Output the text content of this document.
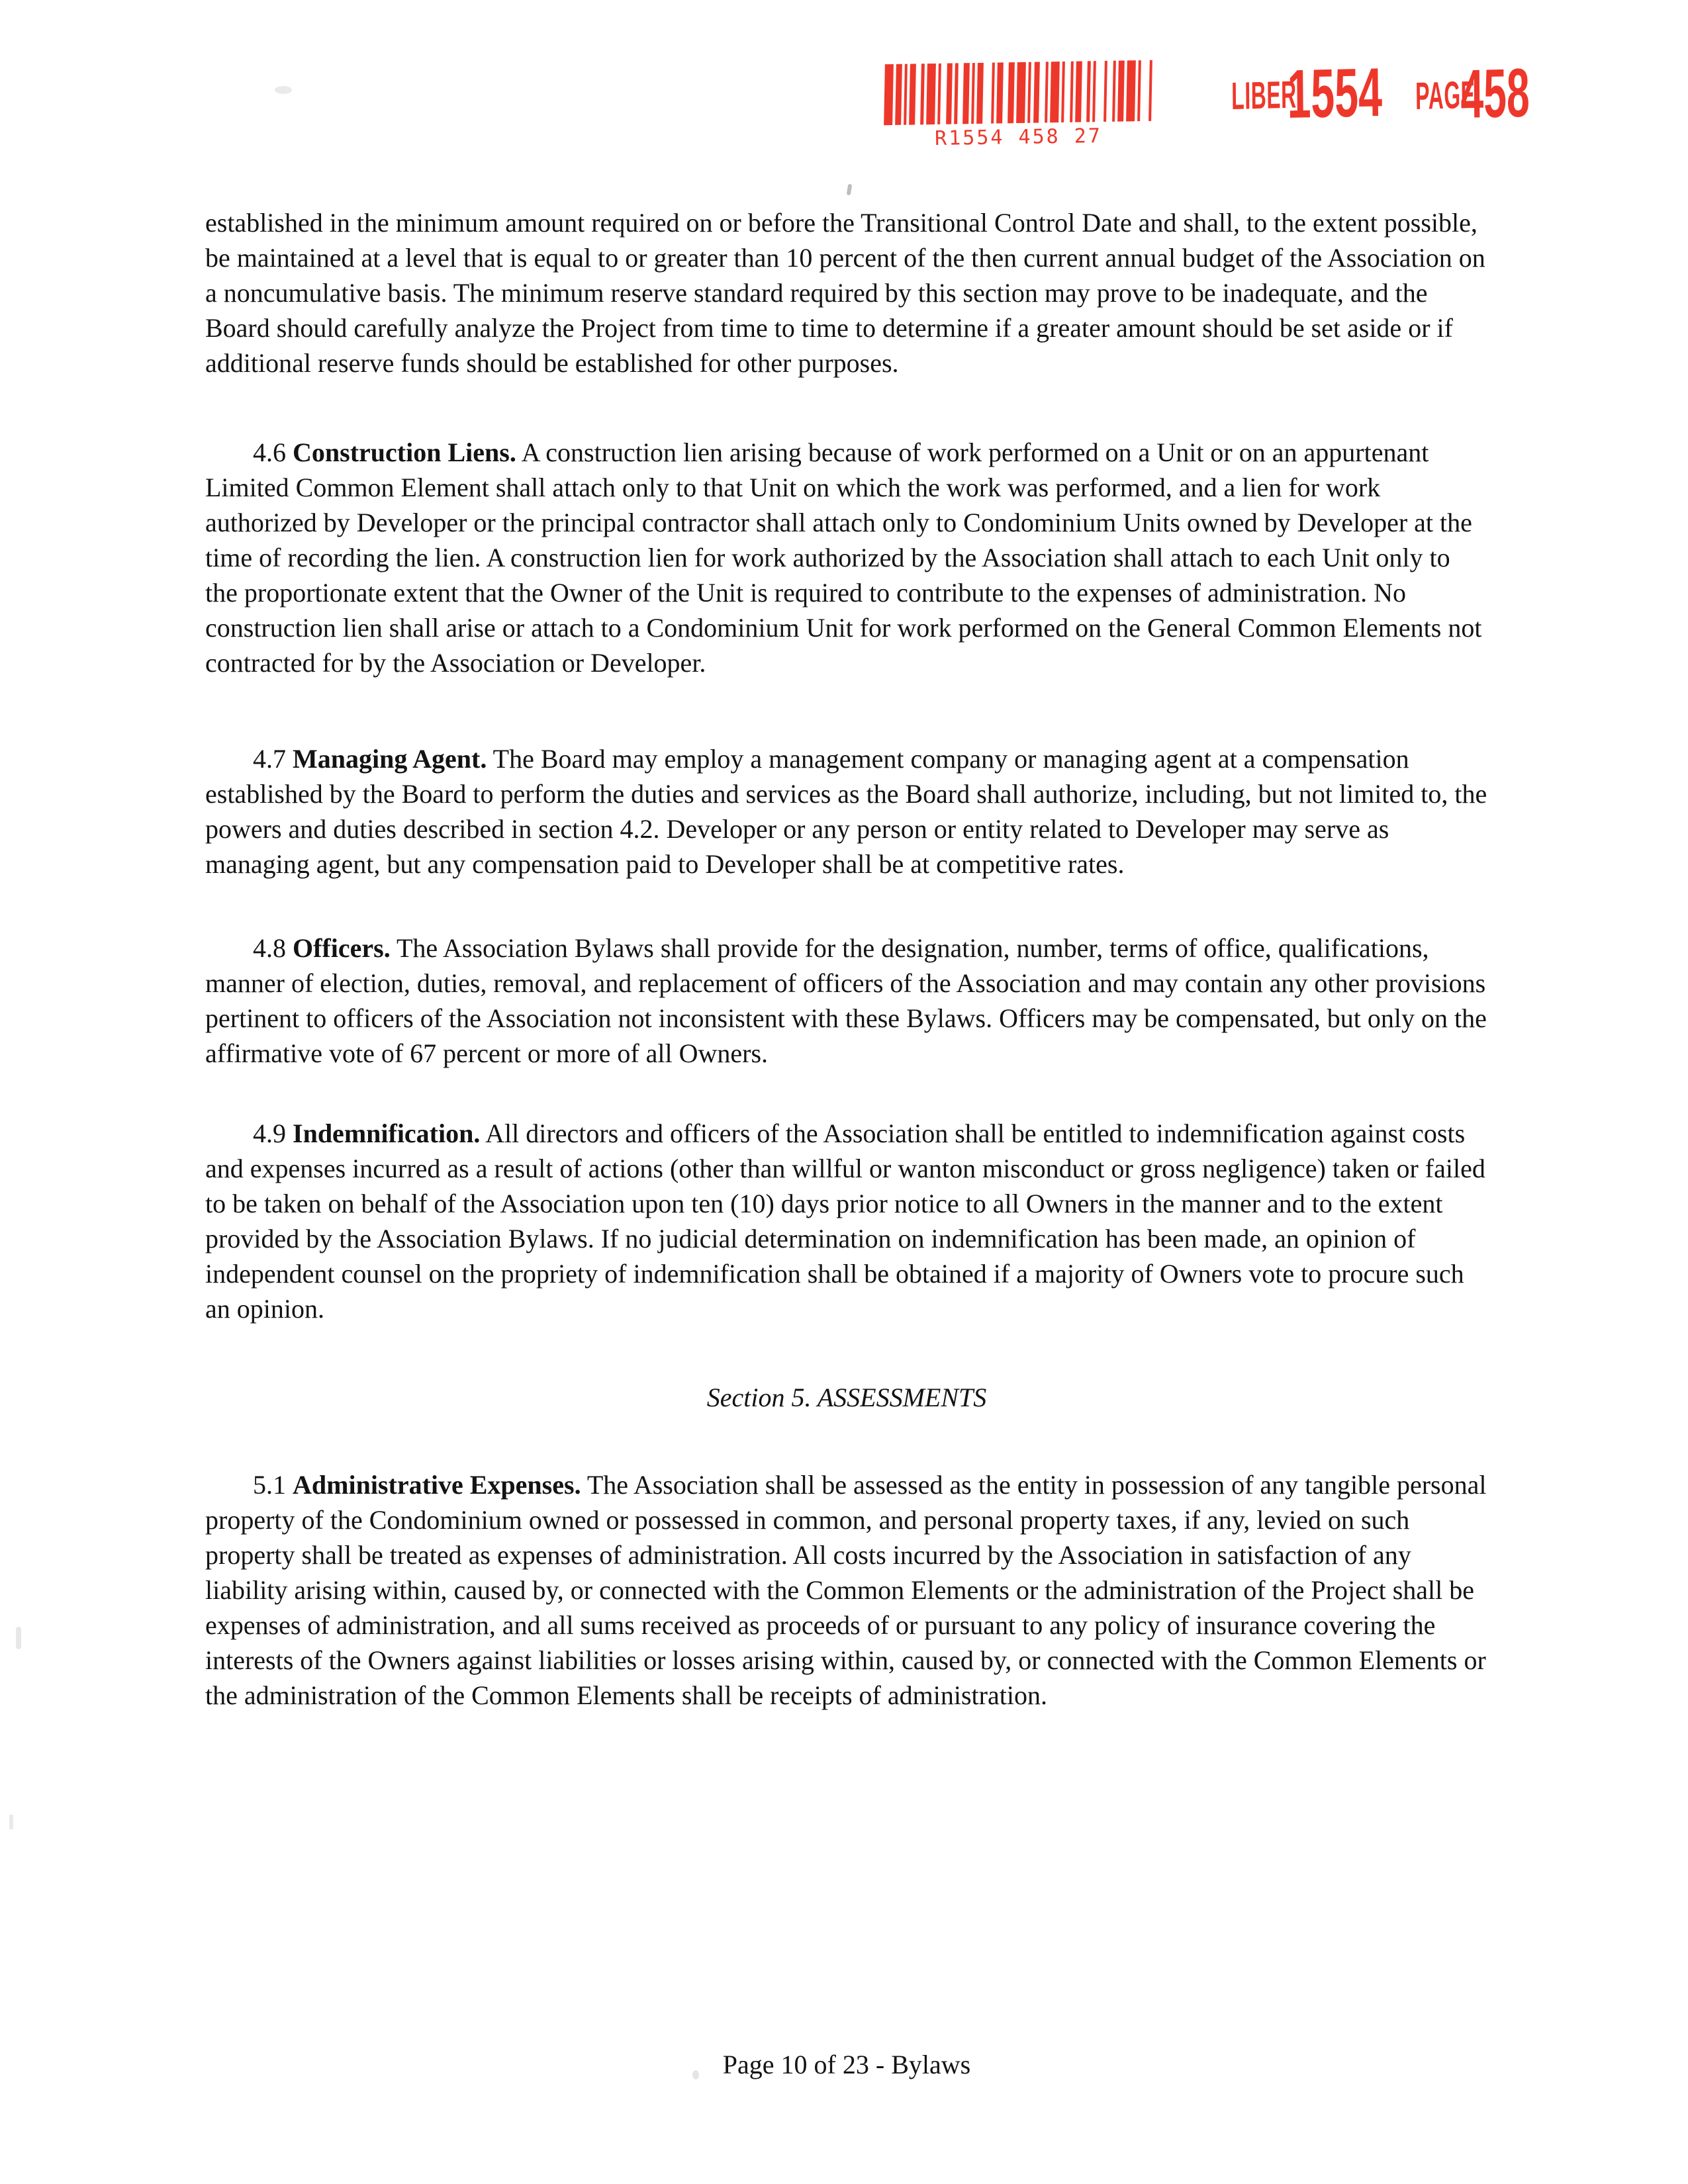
R1554 458 27
LIBER
1554 PAGE
458

established in the minimum amount required on or before the Transitional Control Date and shall, to the extent possible, be maintained at a level that is equal to or greater than 10 percent of the then current annual budget of the Association on a noncumulative basis. The minimum reserve standard required by this section may prove to be inadequate, and the Board should carefully analyze the Project from time to time to determine if a greater amount should be set aside or if additional reserve funds should be established for other purposes.

4.6 Construction Liens. A construction lien arising because of work performed on a Unit or on an appurtenant Limited Common Element shall attach only to that Unit on which the work was performed, and a lien for work authorized by Developer or the principal contractor shall attach only to Condominium Units owned by Developer at the time of recording the lien. A construction lien for work authorized by the Association shall attach to each Unit only to the proportionate extent that the Owner of the Unit is required to contribute to the expenses of administration. No construction lien shall arise or attach to a Condominium Unit for work performed on the General Common Elements not contracted for by the Association or Developer.

4.7 Managing Agent. The Board may employ a management company or managing agent at a compensation established by the Board to perform the duties and services as the Board shall authorize, including, but not limited to, the powers and duties described in section 4.2. Developer or any person or entity related to Developer may serve as managing agent, but any compensation paid to Developer shall be at competitive rates.

4.8 Officers. The Association Bylaws shall provide for the designation, number, terms of office, qualifications, manner of election, duties, removal, and replacement of officers of the Association and may contain any other provisions pertinent to officers of the Association not inconsistent with these Bylaws. Officers may be compensated, but only on the affirmative vote of 67 percent or more of all Owners.

4.9 Indemnification. All directors and officers of the Association shall be entitled to indemnification against costs and expenses incurred as a result of actions (other than willful or wanton misconduct or gross negligence) taken or failed to be taken on behalf of the Association upon ten (10) days prior notice to all Owners in the manner and to the extent provided by the Association Bylaws. If no judicial determination on indemnification has been made, an opinion of independent counsel on the propriety of indemnification shall be obtained if a majority of Owners vote to procure such an opinion.

Section 5. ASSESSMENTS

5.1 Administrative Expenses. The Association shall be assessed as the entity in possession of any tangible personal property of the Condominium owned or possessed in common, and personal property taxes, if any, levied on such property shall be treated as expenses of administration. All costs incurred by the Association in satisfaction of any liability arising within, caused by, or connected with the Common Elements or the administration of the Project shall be expenses of administration, and all sums received as proceeds of or pursuant to any policy of insurance covering the interests of the Owners against liabilities or losses arising within, caused by, or connected with the Common Elements or the administration of the Common Elements shall be receipts of administration.

Page 10 of 23 - Bylaws
